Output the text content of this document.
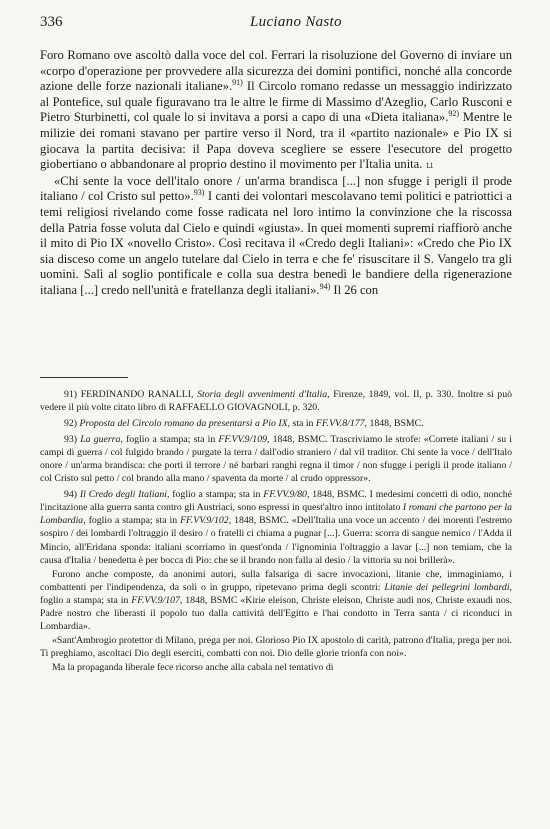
336	Luciano Nasto

Foro Romano ove ascoltò dalla voce del col. Ferrari la risoluzione del Governo di inviare un «corpo d'operazione per provvedere alla sicurezza dei domini pontifici, nonché alla concorde azione delle forze nazionali italiane».$^{91)}$ Il Circolo romano redasse un messaggio indirizzato al Pontefice, sul quale figuravano tra le altre le firme di Massimo d'Azeglio, Carlo Rusconi e Pietro Sturbinetti, col quale lo si invitava a porsi a capo di una «Dieta italiana».$^{92)}$ Mentre le milizie dei romani stavano per partire verso il Nord, tra il «partito nazionale» e Pio IX si giocava la partita decisiva: il Papa doveva scegliere se essere l'esecutore del progetto giobertiano o abbandonare al proprio destino il movimento per l'Italia unita. 1.1

«Chi sente la voce dell'italo onore / un'arma brandisca [...] non sfugge i perigli il prode italiano / col Cristo sul petto».$^{93)}$ I canti dei volontari mescolavano temi politici e patriottici a temi religiosi rivelando come fosse radicata nel loro intimo la convinzione che la riscossa della Patria fosse voluta dal Cielo e quindi «giusta». In quei momenti supremi riaffiorò anche il mito di Pio IX «novello Cristo». Così recitava il «Credo degli Italiani»: «Credo che Pio IX sia disceso come un angelo tutelare dal Cielo in terra e che fe' risuscitare il S. Vangelo tra gli uomini. Salì al soglio pontificale e colla sua destra benedì le bandiere della rigenerazione italiana [...] credo nell'unità e fratellanza degli italiani».$^{94)}$ Il 26 con

91) FERDINANDO RANALLI, Storia degli avvenimenti d'Italia, Firenze, 1849, vol. II, p. 330. Inoltre si può vedere il più volte citato libro di RAFFAELLO GIOVAGNOLI, p. 320.

92) Proposta del Circolo romano da presentarsi a Pio IX, sta in FF.VV.8/177, 1848, BSMC.

93) La guerra, foglio a stampa; sta in FF.VV.9/109, 1848, BSMC. Trascriviamo le strofe: «Correte italiani / su i campi di guerra / col fulgido brando / purgate la terra / dall'odio straniero / dal vil traditor. Chi sente la voce / dell'Italo onore / un'arma brandisca: che porti il terrore / né barbari ranghi regna il timor / non sfugge i perigli il prode italiano / col Cristo sul petto / col brando alla mano / spaventa da morte / al crudo oppressor».

94) Il Credo degli Italiani, foglio a stampa; sta in FF.VV.9/80, 1848, BSMC. I medesimi concetti di odio, nonché l'incitazione alla guerra santa contro gli Austriaci, sono espressi in quest'altro inno intitolato I romani che partono per la Lombardia, foglio a stampa; sta in FF.VV.9/102, 1848, BSMC. «Dell'Italia una voce un accento / dei morenti l'estremo sospiro / dei lombardi l'oltraggio il desiro / o fratelli ci chiama a pugnar [...]. Guerra: scorra di sangue nemico / l'Adda il Mincio, all'Eridana sponda: italiani scorriamo in quest'onda / l'ignominia l'oltraggio a lavar [...] non temiam, che la causa d'Italia / benedetta è per bocca di Pio: che se il brando non falla al desio / la vittoria su noi brillerà».

Furono anche composte, da anonimi autori, sulla falsariga di sacre invocazioni, litanie che, immaginiamo, i combattenti per l'indipendenza, da soli o in gruppo, ripetevano prima degli scontri: Litanie dei pellegrini lombardi, foglio a stampa; sta in FF.VV.9/107, 1848, BSMC «Kirie eleison, Christe eleison, Christe audi nos, Christe exaudi nos. Padre nostro che liberasti il popolo tuo dalla cattività dell'Egitto e l'hai condotto in Terra santa / ci riconduci in Lombardia».

«Sant'Ambrogio protettor di Milano, prega per noi. Glorioso Pio IX apostolo di carità, patrono d'Italia, prega per noi. Ti preghiamo, ascoltaci Dio degli eserciti, combatti con noi. Dio delle glorie trionfa con noi».

Ma la propaganda liberale fece ricorso anche alla cabala nel tentativo di
